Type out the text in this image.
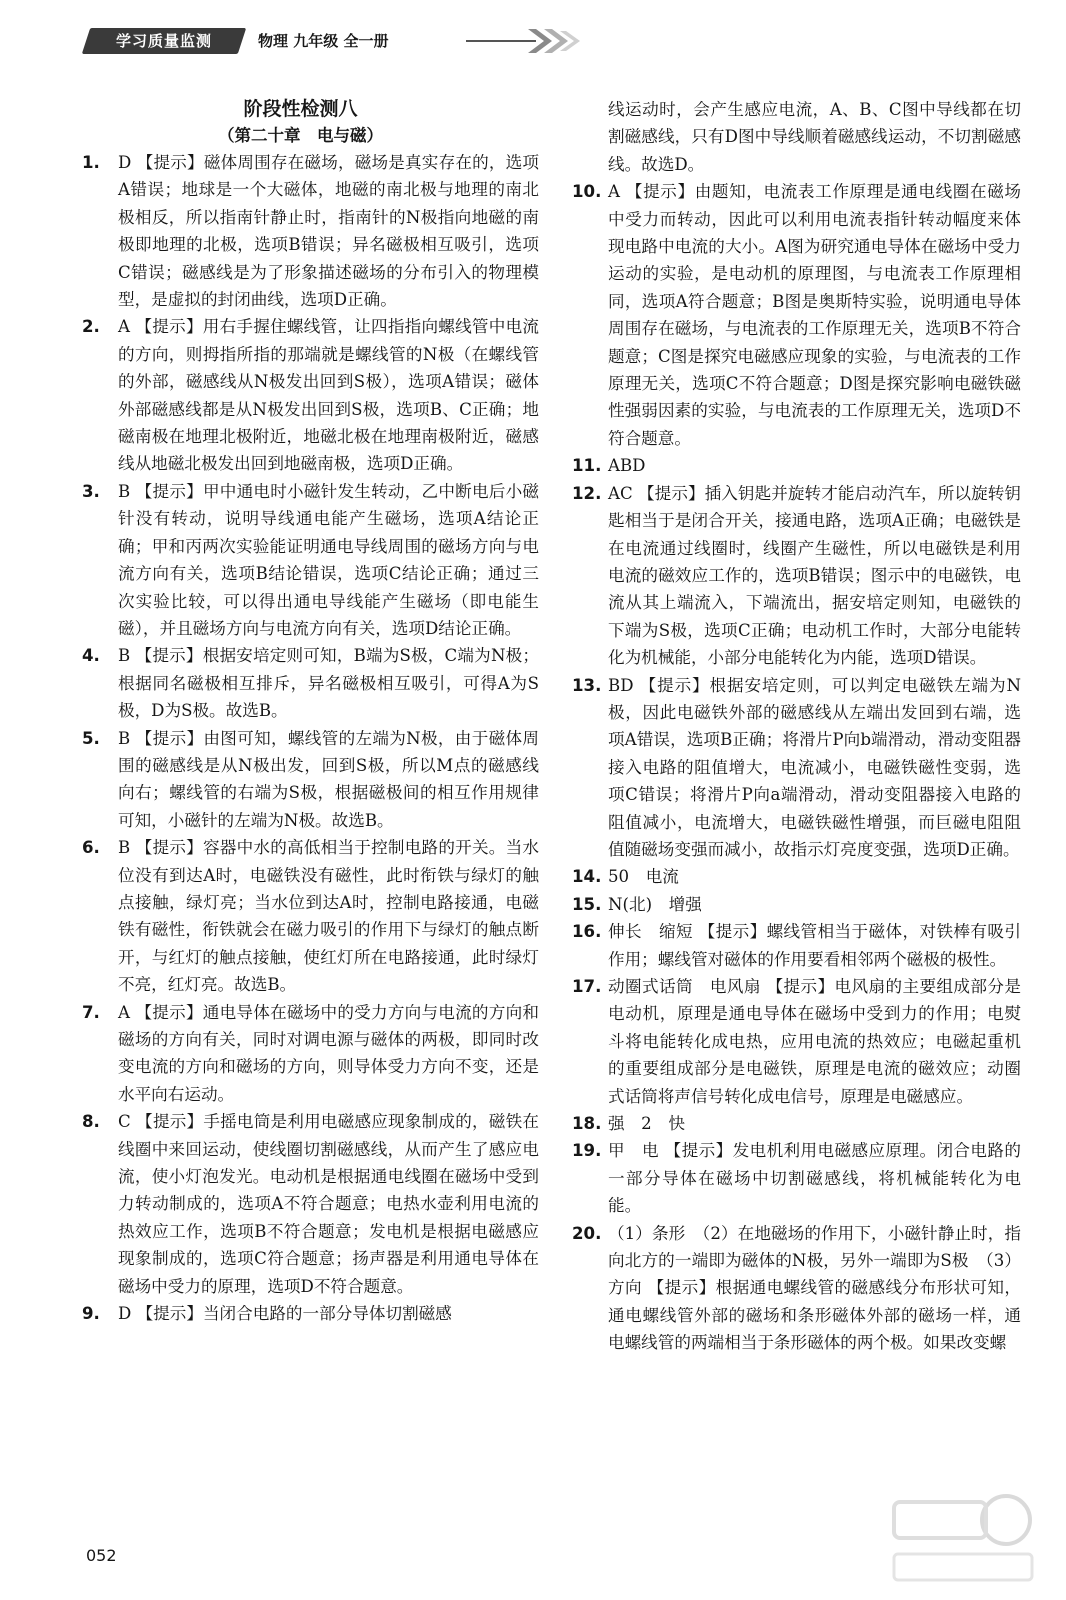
学习质量监测	物理 九年级 全一册
阶段性检测八
（第二十章　电与磁）
1. D 【提示】磁体周围存在磁场，磁场是真实存在的，选项A错误；地球是一个大磁体，地磁的南北极与地理的南北极相反，所以指南针静止时，指南针的N极指向地磁的南极即地理的北极，选项B错误；异名磁极相互吸引，选项C错误；磁感线是为了形象描述磁场的分布引入的物理模型，是虚拟的封闭曲线，选项D正确。
2. A 【提示】用右手握住螺线管，让四指指向螺线管中电流的方向，则拇指所指的那端就是螺线管的N极（在螺线管的外部，磁感线从N极发出回到S极），选项A错误；磁体外部磁感线都是从N极发出回到S极，选项B、C正确；地磁南极在地理北极附近，地磁北极在地理南极附近，磁感线从地磁北极发出回到地磁南极，选项D正确。
3. B 【提示】甲中通电时小磁针发生转动，乙中断电后小磁针没有转动，说明导线通电能产生磁场，选项A结论正确；甲和丙两次实验能证明通电导线周围的磁场方向与电流方向有关，选项B结论错误，选项C结论正确；通过三次实验比较，可以得出通电导线能产生磁场（即电能生磁），并且磁场方向与电流方向有关，选项D结论正确。
4. B 【提示】根据安培定则可知，B端为S极，C端为N极；根据同名磁极相互排斥，异名磁极相互吸引，可得A为S极，D为S极。故选B。
5. B 【提示】由图可知，螺线管的左端为N极，由于磁体周围的磁感线是从N极出发，回到S极，所以M点的磁感线向右；螺线管的右端为S极，根据磁极间的相互作用规律可知，小磁针的左端为N极。故选B。
6. B 【提示】容器中水的高低相当于控制电路的开关。当水位没有到达A时，电磁铁没有磁性，此时衔铁与绿灯的触点接触，绿灯亮；当水位到达A时，控制电路接通，电磁铁有磁性，衔铁就会在磁力吸引的作用下与绿灯的触点断开，与红灯的触点接触，使红灯所在电路接通，此时绿灯不亮，红灯亮。故选B。
7. A 【提示】通电导体在磁场中的受力方向与电流的方向和磁场的方向有关，同时对调电源与磁体的两极，即同时改变电流的方向和磁场的方向，则导体受力方向不变，还是水平向右运动。
8. C 【提示】手摇电筒是利用电磁感应现象制成的，磁铁在线圈中来回运动，使线圈切割磁感线，从而产生了感应电流，使小灯泡发光。电动机是根据通电线圈在磁场中受到力转动制成的，选项A不符合题意；电热水壶利用电流的热效应工作，选项B不符合题意；发电机是根据电磁感应现象制成的，选项C符合题意；扬声器是利用通电导体在磁场中受力的原理，选项D不符合题意。
9. D 【提示】当闭合电路的一部分导体切割磁感
线运动时，会产生感应电流，A、B、C图中导线都在切割磁感线，只有D图中导线顺着磁感线运动，不切割磁感线。故选D。
10. A 【提示】由题知，电流表工作原理是通电线圈在磁场中受力而转动，因此可以利用电流表指针转动幅度来体现电路中电流的大小。A图为研究通电导体在磁场中受力运动的实验，是电动机的原理图，与电流表工作原理相同，选项A符合题意；B图是奥斯特实验，说明通电导体周围存在磁场，与电流表的工作原理无关，选项B不符合题意；C图是探究电磁感应现象的实验，与电流表的工作原理无关，选项C不符合题意；D图是探究影响电磁铁磁性强弱因素的实验，与电流表的工作原理无关，选项D不符合题意。
11. ABD
12. AC 【提示】插入钥匙并旋转才能启动汽车，所以旋转钥匙相当于是闭合开关，接通电路，选项A正确；电磁铁是在电流通过线圈时，线圈产生磁性，所以电磁铁是利用电流的磁效应工作的，选项B错误；图示中的电磁铁，电流从其上端流入，下端流出，据安培定则知，电磁铁的下端为S极，选项C正确；电动机工作时，大部分电能转化为机械能，小部分电能转化为内能，选项D错误。
13. BD 【提示】根据安培定则，可以判定电磁铁左端为N极，因此电磁铁外部的磁感线从左端出发回到右端，选项A错误，选项B正确；将滑片P向b端滑动，滑动变阻器接入电路的阻值增大，电流减小，电磁铁磁性变弱，选项C错误；将滑片P向a端滑动，滑动变阻器接入电路的阻值减小，电流增大，电磁铁磁性增强，而巨磁电阻阻值随磁场变强而减小，故指示灯亮度变强，选项D正确。
14. 50　电流
15. N(北)　增强
16. 伸长　缩短 【提示】螺线管相当于磁体，对铁棒有吸引作用；螺线管对磁体的作用要看相邻两个磁极的极性。
17. 动圈式话筒　电风扇 【提示】电风扇的主要组成部分是电动机，原理是通电导体在磁场中受到力的作用；电熨斗将电能转化成电热，应用电流的热效应；电磁起重机的重要组成部分是电磁铁，原理是电流的磁效应；动圈式话筒将声信号转化成电信号，原理是电磁感应。
18. 强　2　快
19. 甲　电 【提示】发电机利用电磁感应原理。闭合电路的一部分导体在磁场中切割磁感线，将机械能转化为电能。
20. （1）条形　（2）在地磁场的作用下，小磁针静止时，指向北方的一端即为磁体的N极，另外一端即为S极　（3）方向 【提示】根据通电螺线管的磁感线分布形状可知，通电螺线管外部的磁场和条形磁体外部的磁场一样，通电螺线管的两端相当于条形磁体的两个极。如果改变螺
052
